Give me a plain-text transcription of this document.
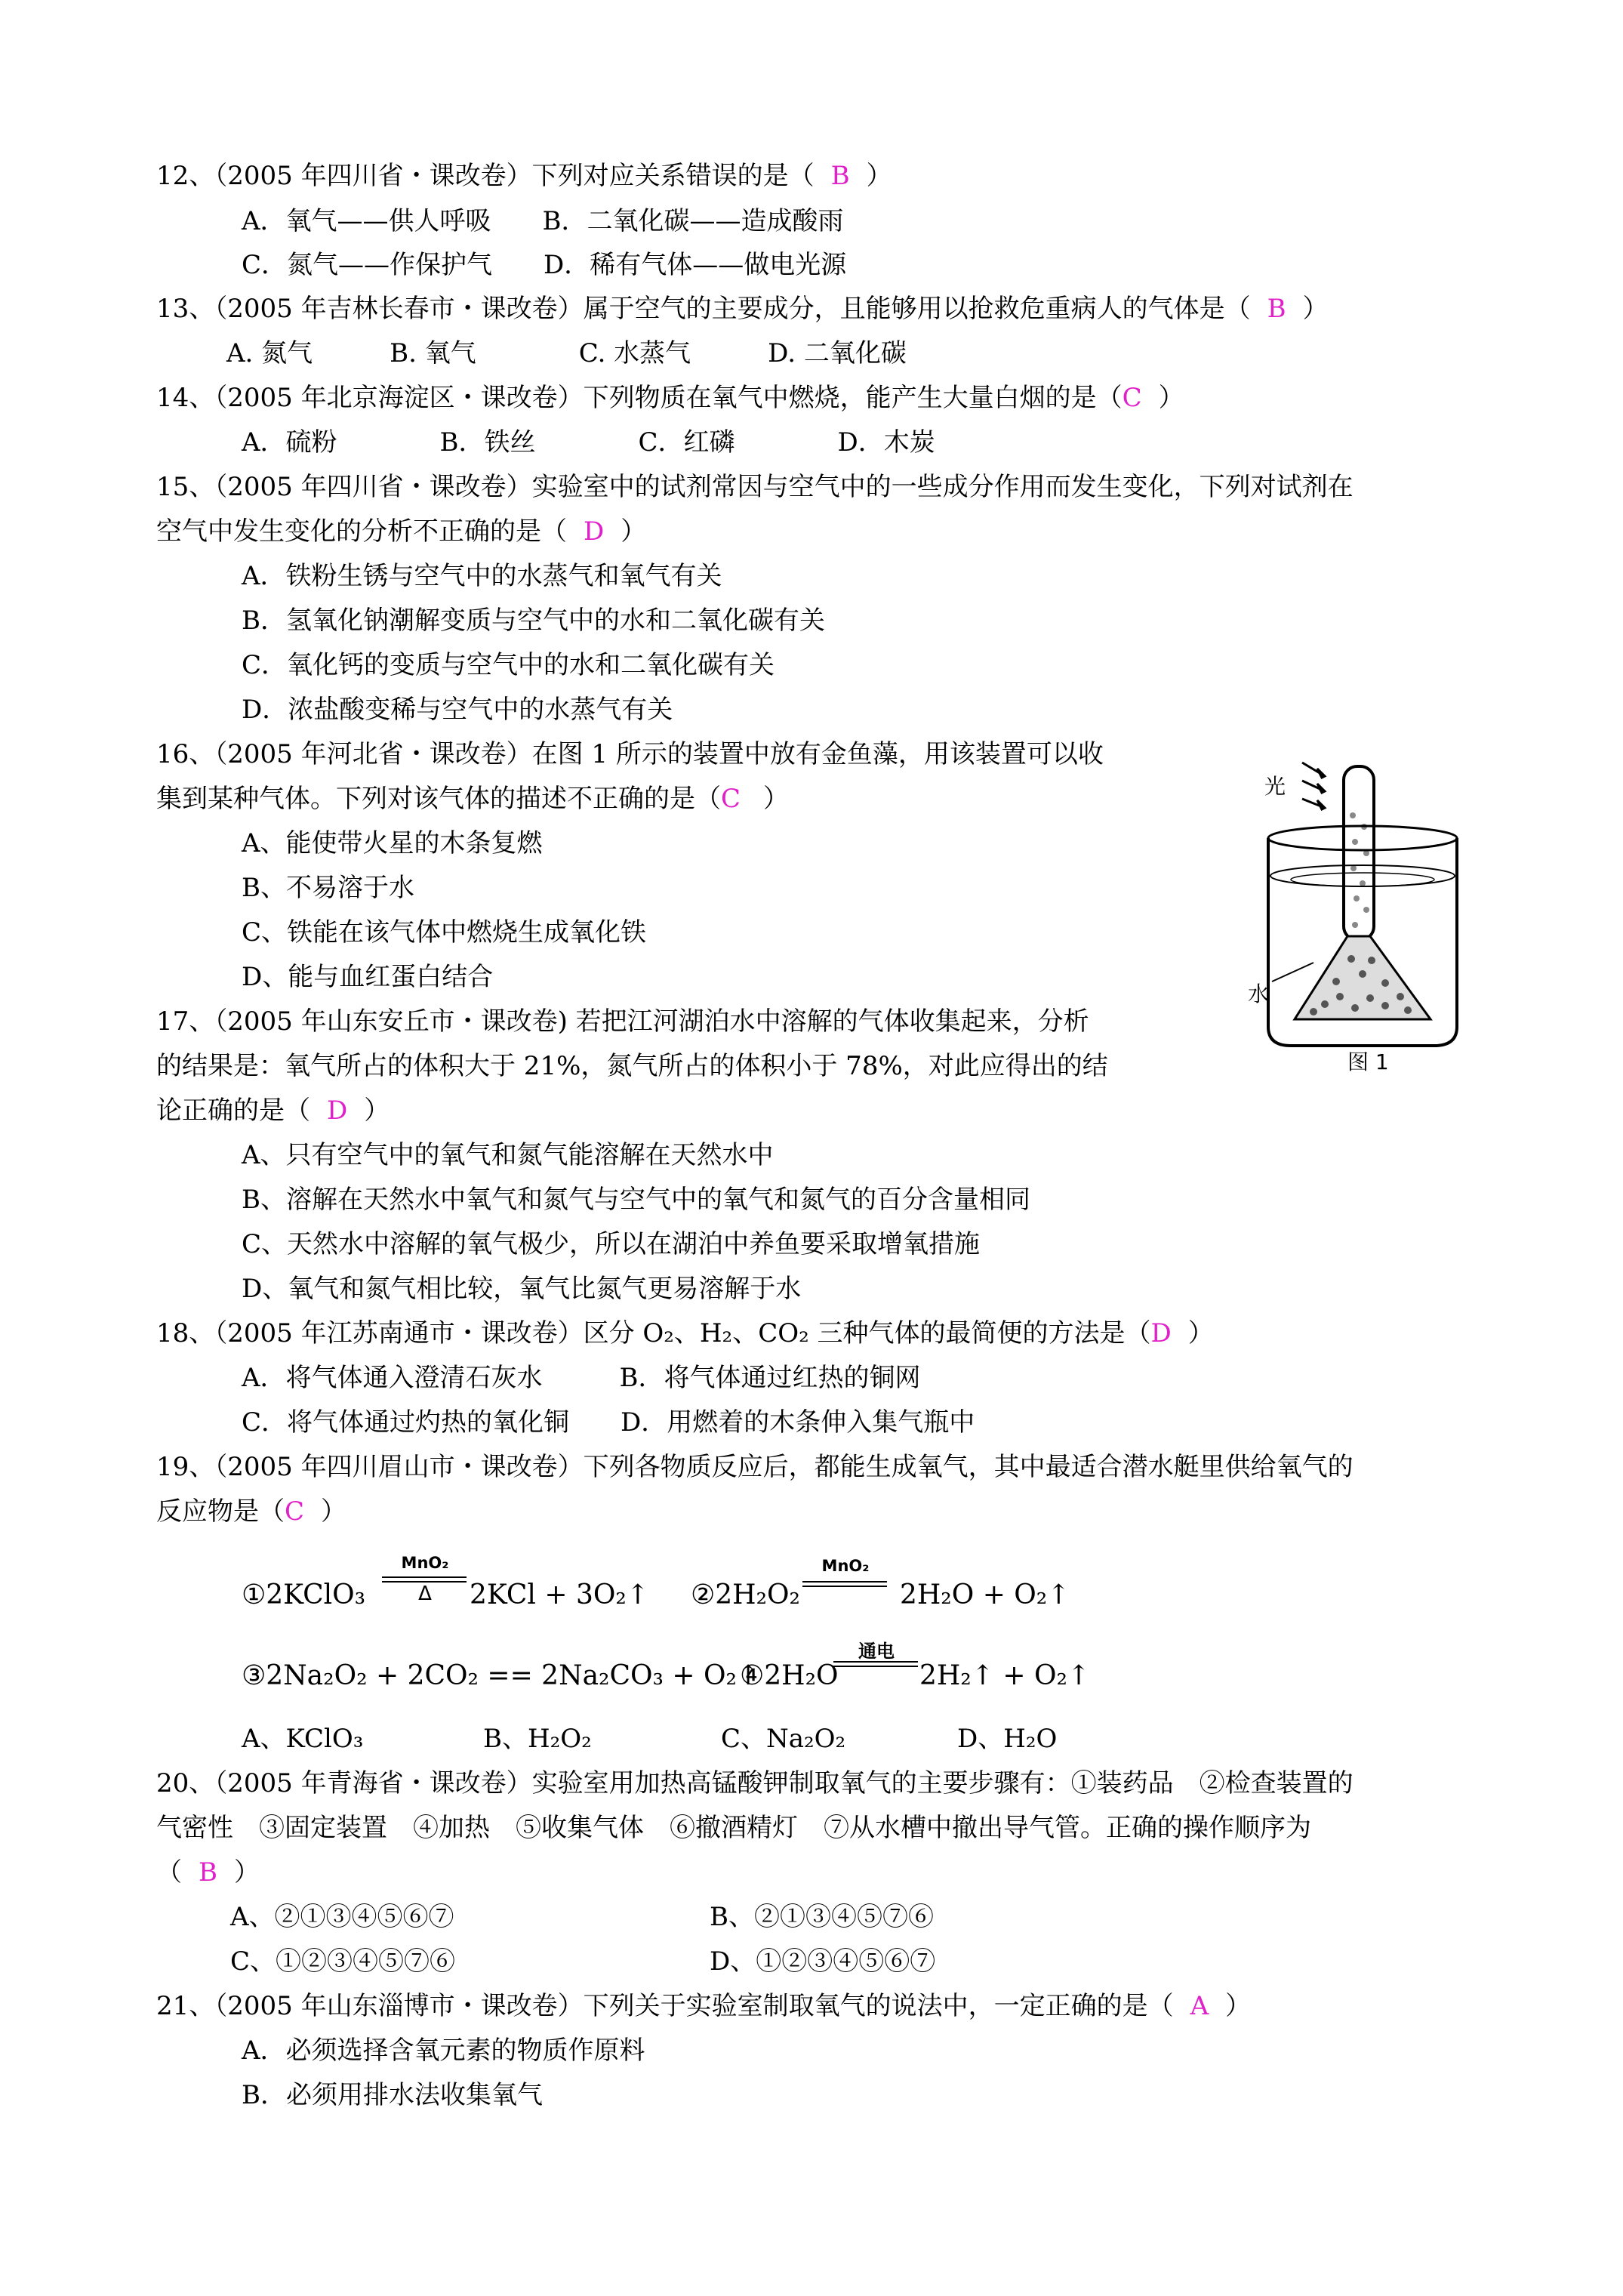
12、（2005 年四川省・课改卷）下列对应关系错误的是（ B ）
A．氧气——供人呼吸　　B．二氧化碳——造成酸雨
C．氮气——作保护气　　D．稀有气体——做电光源
13、（2005 年吉林长春市・课改卷）属于空气的主要成分，且能够用以抢救危重病人的气体是（ B ）
A. 氮气　　　B. 氧气　　　　C. 水蒸气　　　D. 二氧化碳
14、（2005 年北京海淀区・课改卷）下列物质在氧气中燃烧，能产生大量白烟的是（C ）
A．硫粉　　　　B．铁丝　　　　C．红磷　　　　D．木炭
15、（2005 年四川省・课改卷）实验室中的试剂常因与空气中的一些成分作用而发生变化，下列对试剂在
空气中发生变化的分析不正确的是（ D ）
A．铁粉生锈与空气中的水蒸气和氧气有关
B．氢氧化钠潮解变质与空气中的水和二氧化碳有关
C．氧化钙的变质与空气中的水和二氧化碳有关
D．浓盐酸变稀与空气中的水蒸气有关
16、（2005 年河北省・课改卷）在图 1 所示的装置中放有金鱼藻，用该装置可以收
集到某种气体。下列对该气体的描述不正确的是（C ）
A、能使带火星的木条复燃
B、不易溶于水
C、铁能在该气体中燃烧生成氧化铁
D、能与血红蛋白结合
光
水
图 1
17、（2005 年山东安丘市・课改卷) 若把江河湖泊水中溶解的气体收集起来，分析
的结果是：氧气所占的体积大于 21%，氮气所占的体积小于 78%，对此应得出的结
论正确的是（ D ）
A、只有空气中的氧气和氮气能溶解在天然水中
B、溶解在天然水中氧气和氮气与空气中的氧气和氮气的百分含量相同
C、天然水中溶解的氧气极少，所以在湖泊中养鱼要采取增氧措施
D、氧气和氮气相比较，氧气比氮气更易溶解于水
18、（2005 年江苏南通市・课改卷）区分 O₂、H₂、CO₂ 三种气体的最简便的方法是（D ）
A．将气体通入澄清石灰水　　　B．将气体通过红热的铜网
C．将气体通过灼热的氧化铜　　D．用燃着的木条伸入集气瓶中
19、（2005 年四川眉山市・课改卷）下列各物质反应后，都能生成氧气，其中最适合潜水艇里供给氧气的
反应物是（C ）
①2KClO₃
MnO₂
Δ	2KCl + 3O₂↑ ②2H₂O₂
MnO₂
2H₂O + O₂↑
③2Na₂O₂ + 2CO₂ == 2Na₂CO₃ + O₂↑
④2H₂O
通电
2H₂↑ + O₂↑
A、KClO₃	B、H₂O₂	C、Na₂O₂	D、H₂O
20、（2005 年青海省・课改卷）实验室用加热高锰酸钾制取氧气的主要步骤有：①装药品　②检查装置的
气密性　③固定装置　④加热　⑤收集气体　⑥撤酒精灯　⑦从水槽中撤出导气管。正确的操作顺序为
（ B ）
A、②①③④⑤⑥⑦	B、②①③④⑤⑦⑥
C、①②③④⑤⑦⑥	D、①②③④⑤⑥⑦
21、（2005 年山东淄博市・课改卷）下列关于实验室制取氧气的说法中，一定正确的是（ A ）
A．必须选择含氧元素的物质作原料
B．必须用排水法收集氧气
